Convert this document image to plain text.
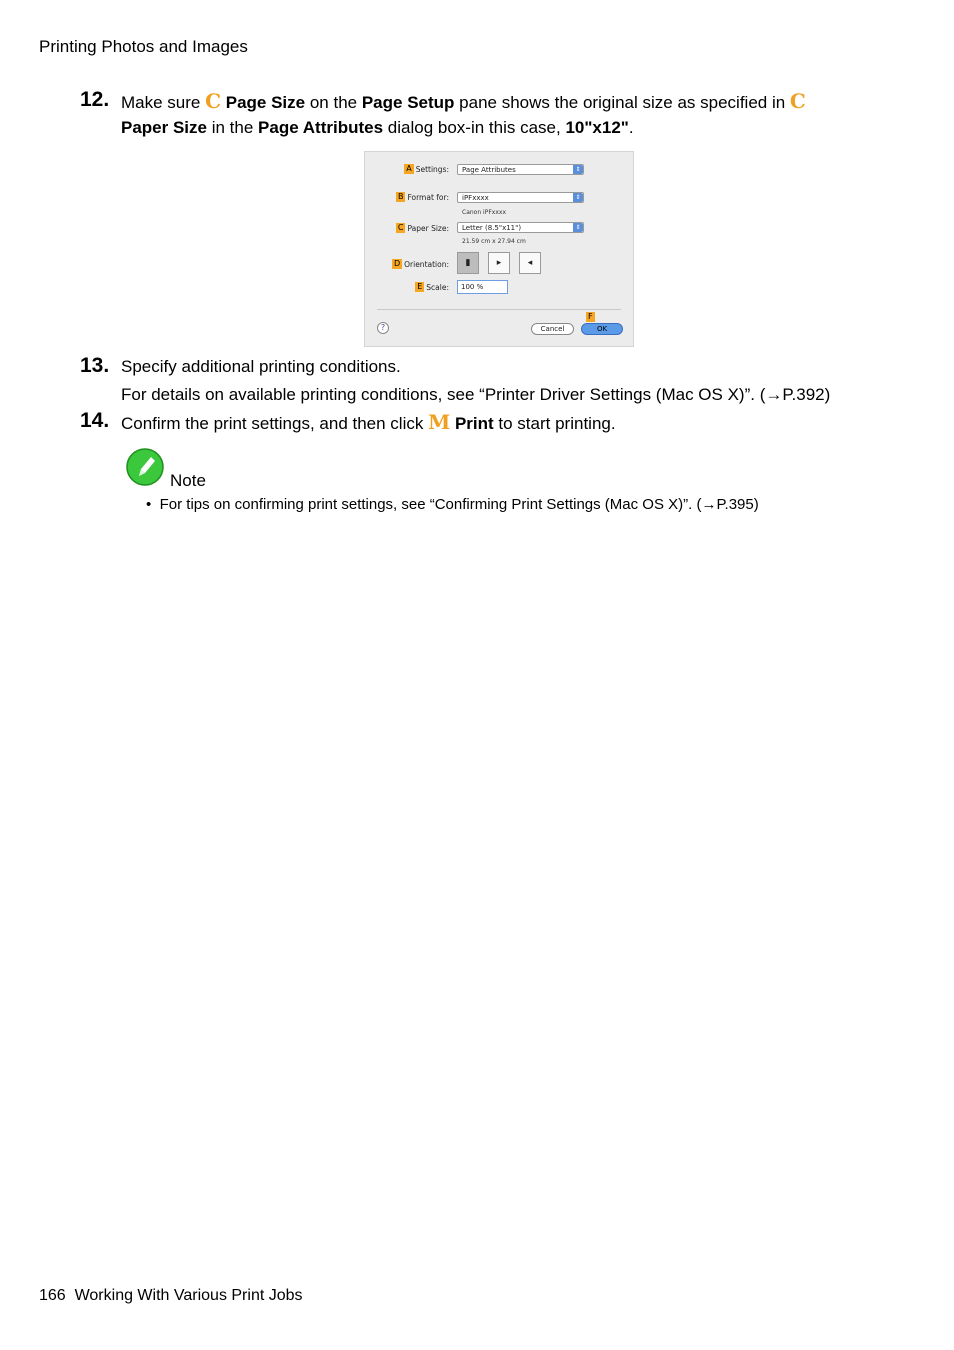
Printing Photos and Images
12. Make sure C Page Size on the Page Setup pane shows the original size as specified in C
Paper Size in the Page Attributes dialog box-in this case, 10"x12".
A Settings: Page Attributes	⇕
B Format for: iPFxxxx	⇕
Canon iPFxxxx
C Paper Size: Letter (8.5"x11")	⇕
21.59 cm x 27.94 cm
D Orientation:	▮	▸	◂
E Scale:	100 %
?
F
Cancel	OK
13. Specify additional printing conditions.
For details on available printing conditions, see “Printer Driver Settings (Mac OS X)”. (→P.392)
14. Confirm the print settings, and then click M Print to start printing.
Note
• For tips on confirming print settings, see “Confirming Print Settings (Mac OS X)”. (→P.395)
166 Working With Various Print Jobs
